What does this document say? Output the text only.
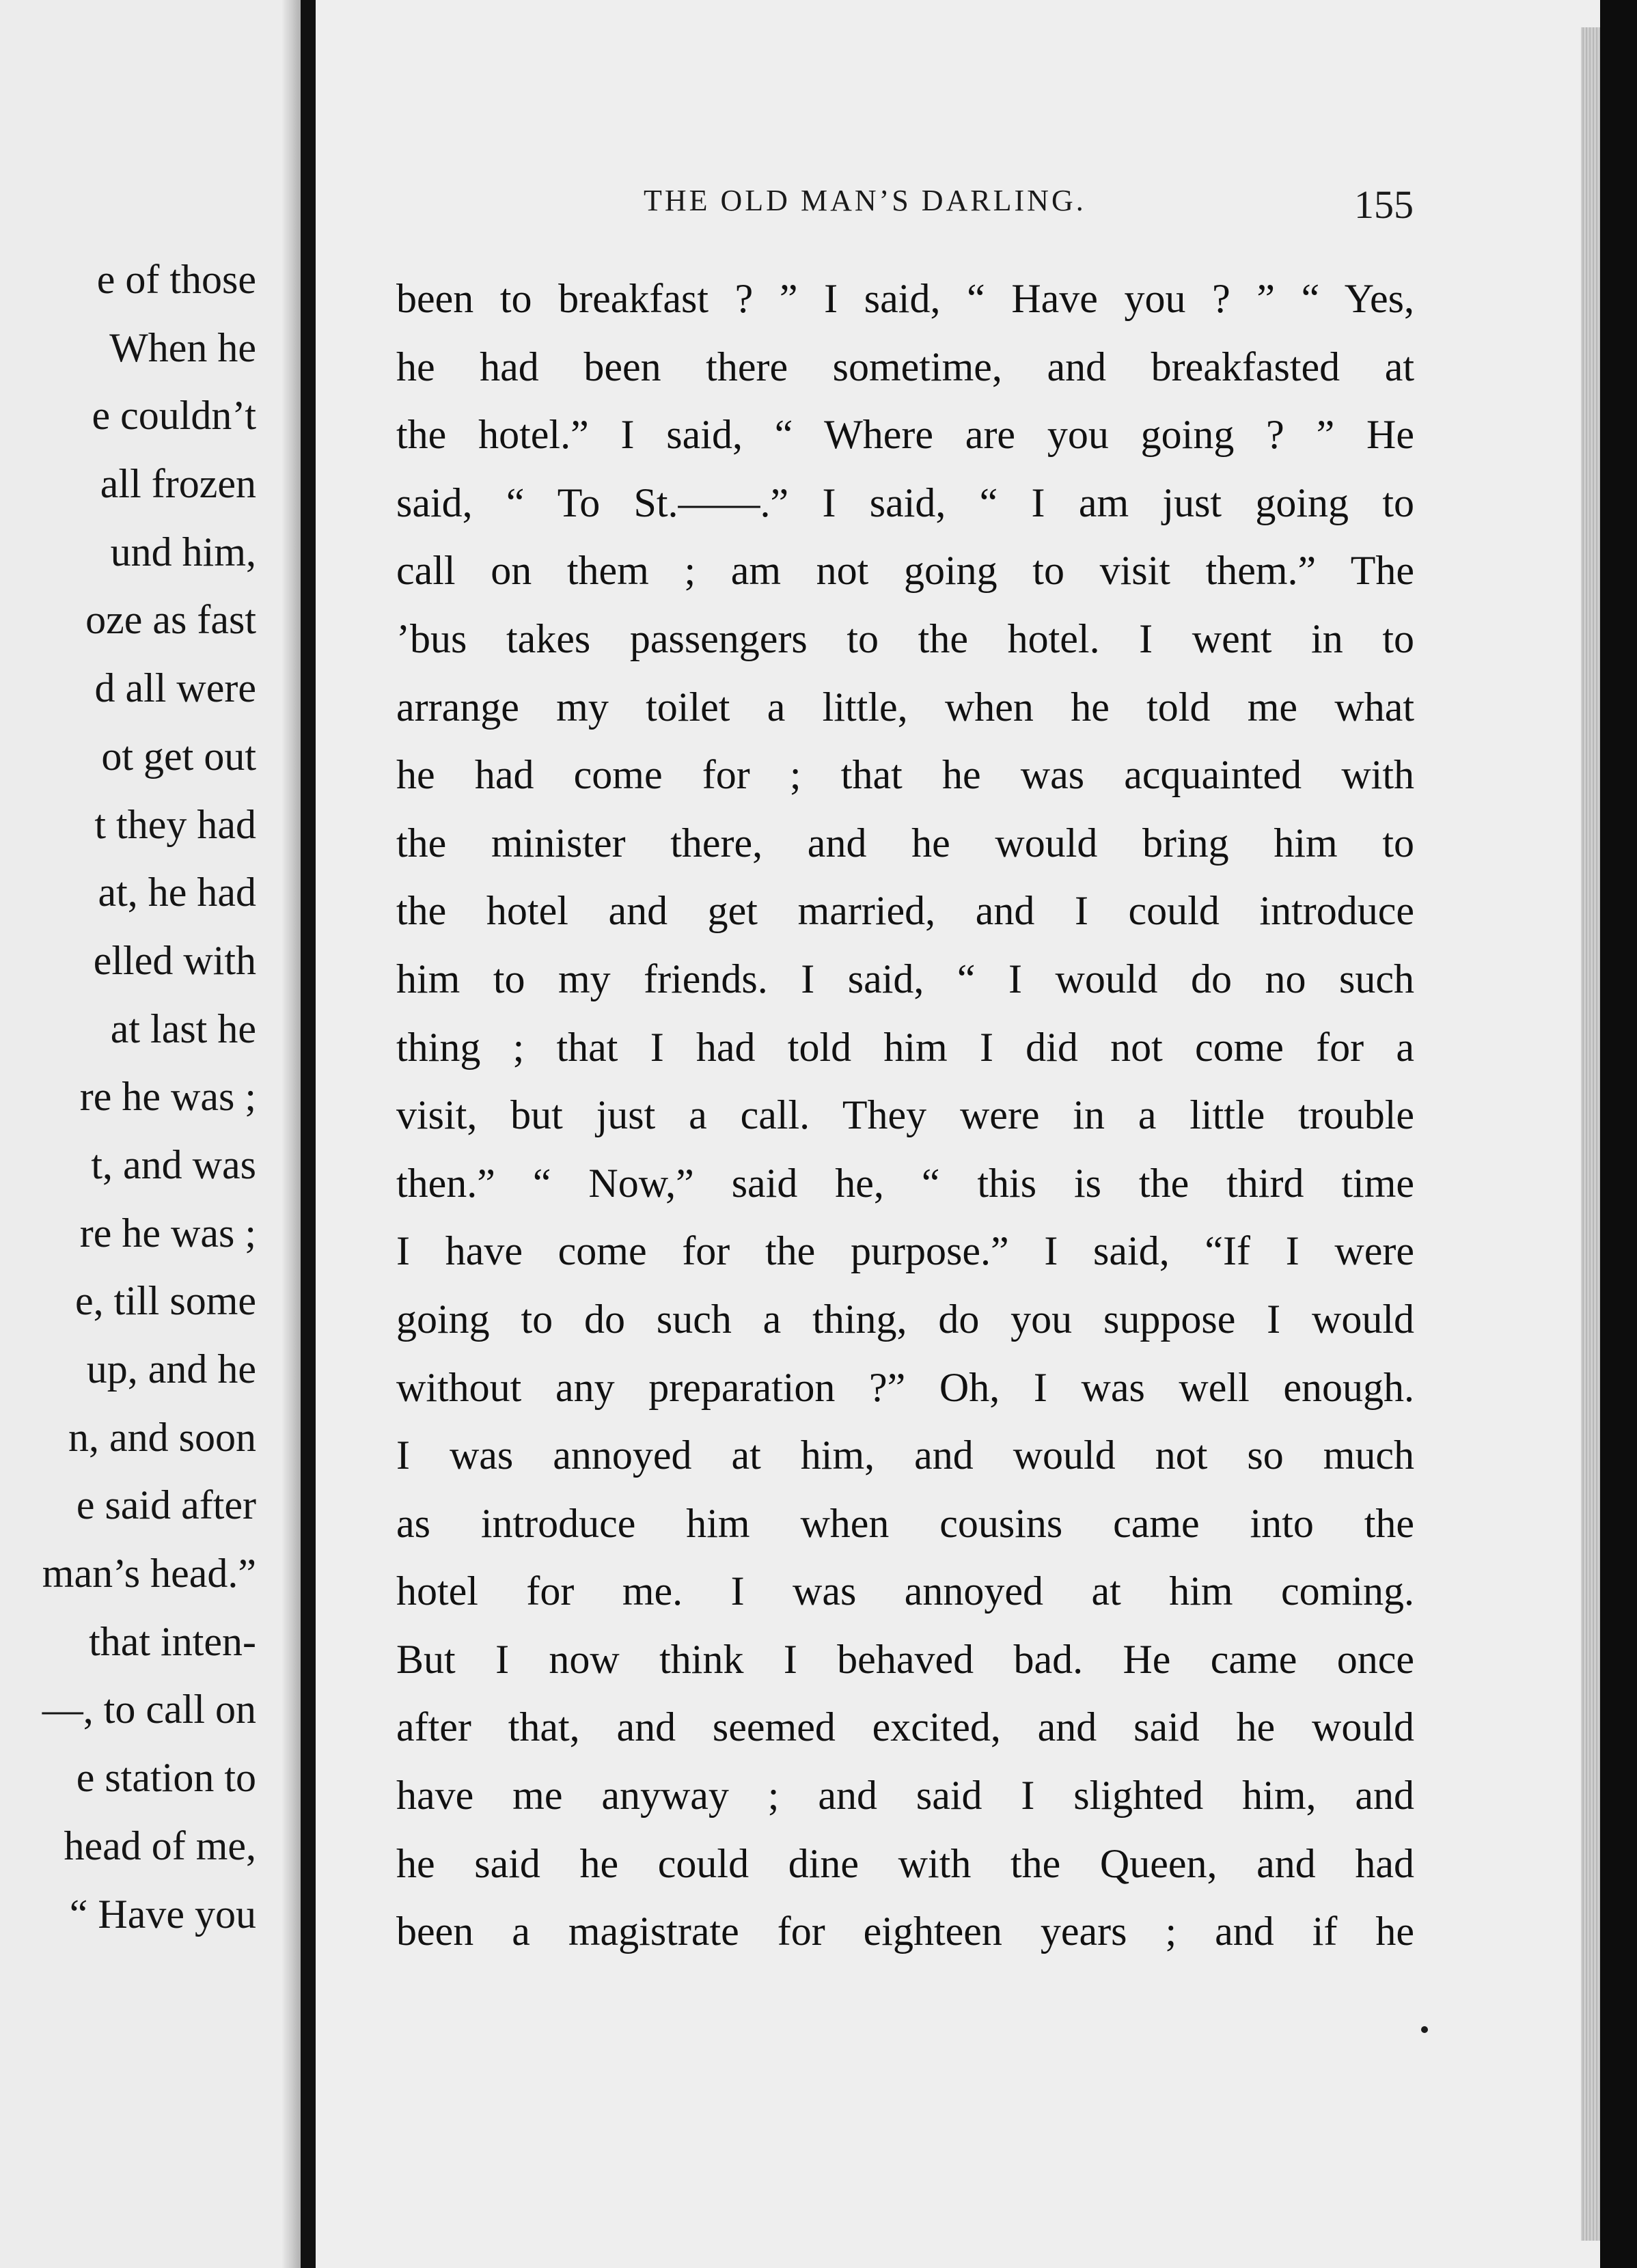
e of those
When he
e couldn’t
all frozen
und him,
oze as fast
d all were
ot get out
t they had
at, he had
elled with
at last he
re he was ;
t, and was
re he was ;
e, till some
up, and he
n, and soon
e said after
man’s head.”
that inten-
—, to call on
e station to
head of me,
“ Have you
THE OLD MAN’S DARLING.	155
been to breakfast ? ” I said, “ Have you ? ” “ Yes,
he had been there sometime, and breakfasted at
the hotel.” I said, “ Where are you going ? ” He
said, “ To St.——.” I said, “ I am just going to
call on them ; am not going to visit them.” The
’bus takes passengers to the hotel. I went in to
arrange my toilet a little, when he told me what
he had come for ; that he was acquainted with
the minister there, and he would bring him to
the hotel and get married, and I could introduce
him to my friends. I said, “ I would do no such
thing ; that I had told him I did not come for a
visit, but just a call. They were in a little trouble
then.” “ Now,” said he, “ this is the third time
I have come for the purpose.” I said, “If I were
going to do such a thing, do you suppose I would
without any preparation ?” Oh, I was well enough.
I was annoyed at him, and would not so much
as introduce him when cousins came into the
hotel for me. I was annoyed at him coming.
But I now think I behaved bad. He came once
after that, and seemed excited, and said he would
have me anyway ; and said I slighted him, and
he said he could dine with the Queen, and had
been a magistrate for eighteen years ; and if he
